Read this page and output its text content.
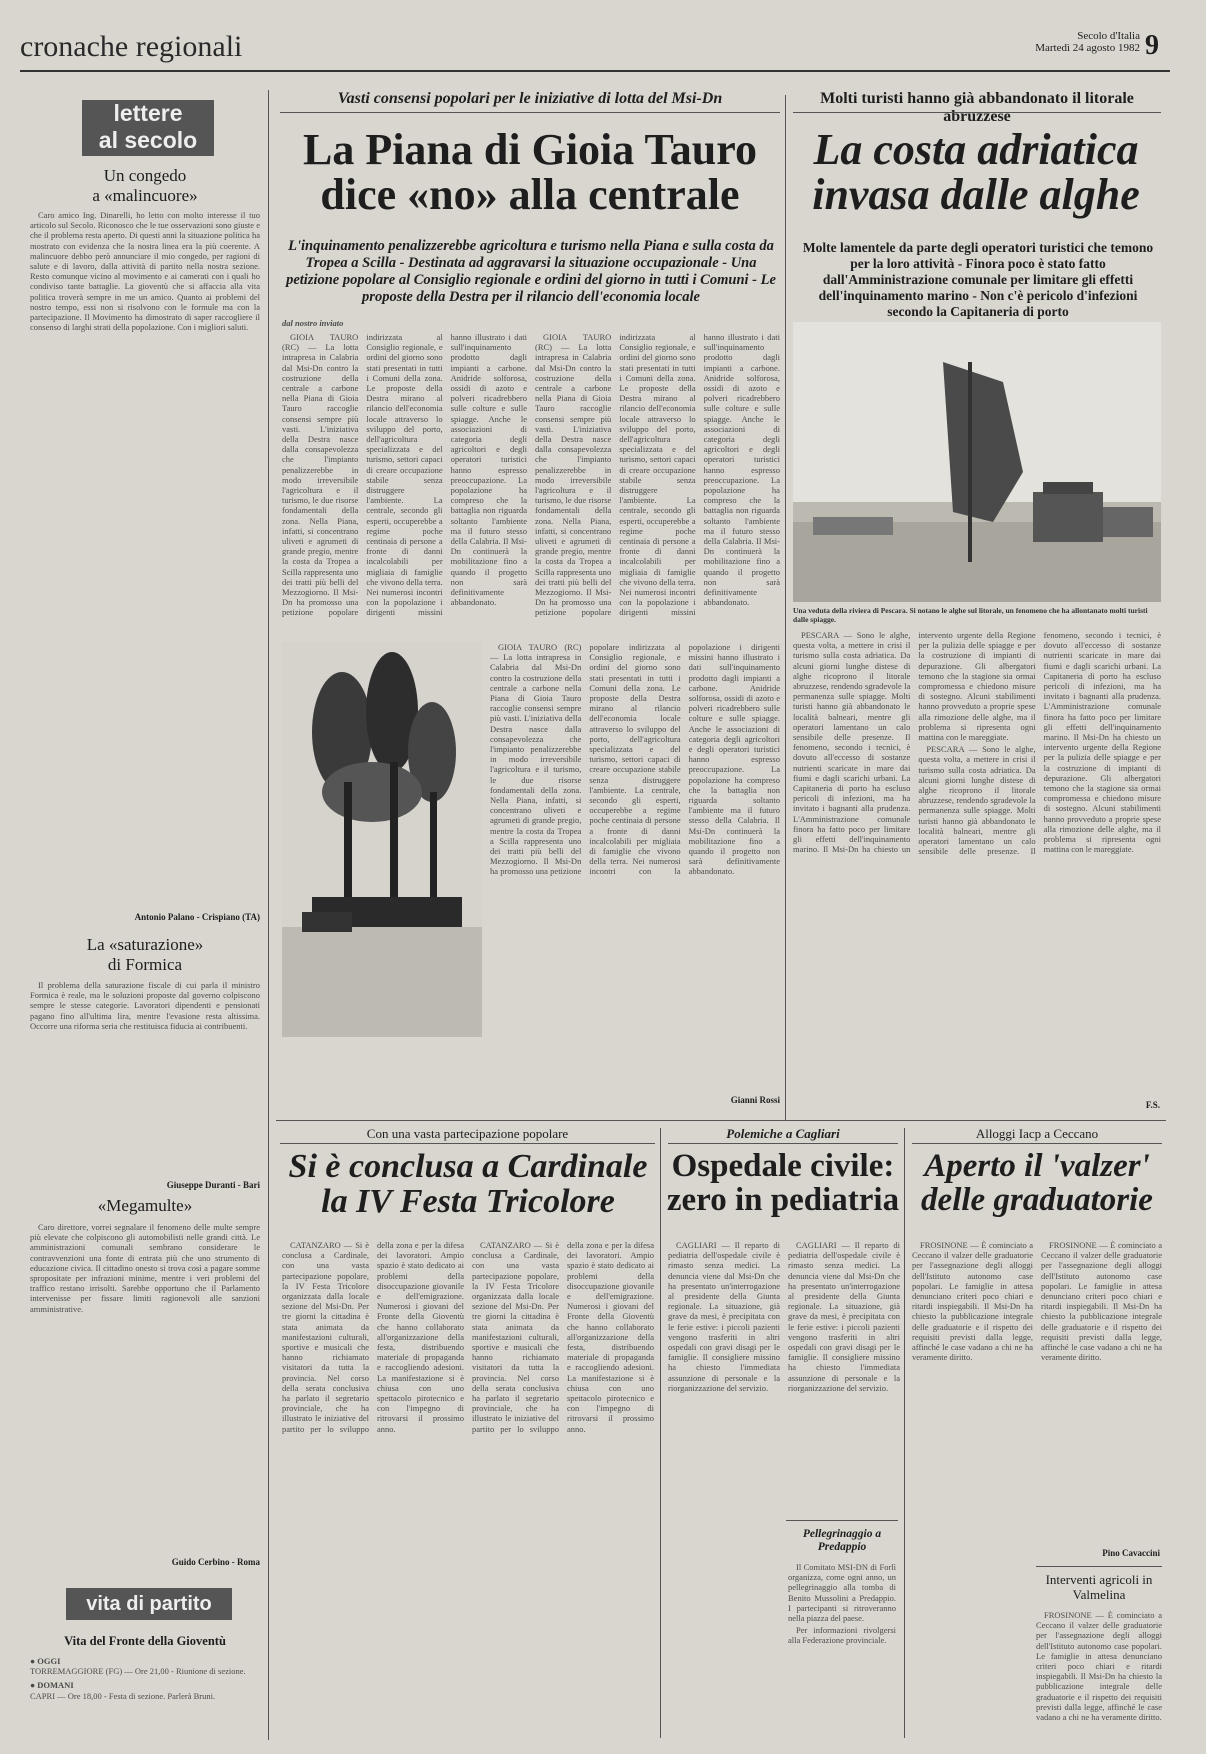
cronache regionali	Secolo d'Italia
Martedì 24 agosto 1982 9
lettere
al secolo
Un congedo
a «malincuore»

Caro amico Ing. Dinarelli, ho letto con molto interesse il tuo articolo sul Secolo. Riconosco che le tue osservazioni sono giuste e che il problema resta aperto. Di questi anni la situazione politica ha mostrato con evidenza che la nostra linea era la più coerente. A malincuore debbo però annunciare il mio congedo, per ragioni di salute e di lavoro, dalla attività di partito nella nostra sezione. Resto comunque vicino al movimento e ai camerati con i quali ho condiviso tante battaglie. La gioventù che si affaccia alla vita politica troverà sempre in me un amico. Quanto ai problemi del nostro tempo, essi non si risolvono con le formule ma con la partecipazione. Il Movimento ha dimostrato di saper raccogliere il consenso di larghi strati della popolazione. Con i migliori saluti.

Antonio Palano - Crispiano (TA)
La «saturazione»
di Formica

Il problema della saturazione fiscale di cui parla il ministro Formica è reale, ma le soluzioni proposte dal governo colpiscono sempre le stesse categorie. Lavoratori dipendenti e pensionati pagano fino all'ultima lira, mentre l'evasione resta altissima. Occorre una riforma seria che restituisca fiducia ai contribuenti.

Giuseppe Duranti - Bari
«Megamulte»

Caro direttore, vorrei segnalare il fenomeno delle multe sempre più elevate che colpiscono gli automobilisti nelle grandi città. Le amministrazioni comunali sembrano considerare le contravvenzioni una fonte di entrata più che uno strumento di educazione civica. Il cittadino onesto si trova così a pagare somme spropositate per infrazioni minime, mentre i veri problemi del traffico restano irrisolti. Sarebbe opportuno che il Parlamento intervenisse per fissare limiti ragionevoli alle sanzioni amministrative.

Guido Cerbino - Roma
vita di partito
Vita del Fronte della Gioventù
● OGGI
TORREMAGGIORE (FG) — Ore 21,00 - Riunione di sezione.
● DOMANI
CAPRI — Ore 18,00 - Festa di sezione. Parlerà Bruni.
Vasti consensi popolari per le iniziative di lotta del Msi-Dn
La Piana di Gioia Tauro
dice «no» alla centrale
L'inquinamento penalizzerebbe agricoltura e turismo nella Piana e sulla costa da Tropea a Scilla - Destinata ad aggravarsi la situazione occupazionale - Una petizione popolare al Consiglio regionale e ordini del giorno in tutti i Comuni - Le proposte della Destra per il rilancio dell'economia locale
dal nostro inviato

GIOIA TAURO (RC) — La lotta intrapresa in Calabria dal Msi-Dn contro la costruzione della centrale a carbone nella Piana di Gioia Tauro raccoglie consensi sempre più vasti. L'iniziativa della Destra nasce dalla consapevolezza che l'impianto penalizzerebbe in modo irreversibile l'agricoltura e il turismo, le due risorse fondamentali della zona. Nella Piana, infatti, si concentrano uliveti e agrumeti di grande pregio, mentre la costa da Tropea a Scilla rappresenta uno dei tratti più belli del Mezzogiorno. Il Msi-Dn ha promosso una petizione popolare indirizzata al Consiglio regionale, e ordini del giorno sono stati presentati in tutti i Comuni della zona. Le proposte della Destra mirano al rilancio dell'economia locale attraverso lo sviluppo del porto, dell'agricoltura specializzata e del turismo, settori capaci di creare occupazione stabile senza distruggere l'ambiente. La centrale, secondo gli esperti, occuperebbe a regime poche centinaia di persone a fronte di danni incalcolabili per migliaia di famiglie che vivono della terra. Nei numerosi incontri con la popolazione i dirigenti missini hanno illustrato i dati sull'inquinamento prodotto dagli impianti a carbone. Anidride solforosa, ossidi di azoto e polveri ricadrebbero sulle colture e sulle spiagge. Anche le associazioni di categoria degli agricoltori e degli operatori turistici hanno espresso preoccupazione. La popolazione ha compreso che la battaglia non riguarda soltanto l'ambiente ma il futuro stesso della Calabria. Il Msi-Dn continuerà la mobilitazione fino a quando il progetto non sarà definitivamente abbandonato.

GIOIA TAURO (RC) — La lotta intrapresa in Calabria dal Msi-Dn contro la costruzione della centrale a carbone nella Piana di Gioia Tauro raccoglie consensi sempre più vasti. L'iniziativa della Destra nasce dalla consapevolezza che l'impianto penalizzerebbe in modo irreversibile l'agricoltura e il turismo, le due risorse fondamentali della zona. Nella Piana, infatti, si concentrano uliveti e agrumeti di grande pregio, mentre la costa da Tropea a Scilla rappresenta uno dei tratti più belli del Mezzogiorno. Il Msi-Dn ha promosso una petizione popolare indirizzata al Consiglio regionale, e ordini del giorno sono stati presentati in tutti i Comuni della zona. Le proposte della Destra mirano al rilancio dell'economia locale attraverso lo sviluppo del porto, dell'agricoltura specializzata e del turismo, settori capaci di creare occupazione stabile senza distruggere l'ambiente. La centrale, secondo gli esperti, occuperebbe a regime poche centinaia di persone a fronte di danni incalcolabili per migliaia di famiglie che vivono della terra. Nei numerosi incontri con la popolazione i dirigenti missini hanno illustrato i dati sull'inquinamento prodotto dagli impianti a carbone. Anidride solforosa, ossidi di azoto e polveri ricadrebbero sulle colture e sulle spiagge. Anche le associazioni di categoria degli agricoltori e degli operatori turistici hanno espresso preoccupazione. La popolazione ha compreso che la battaglia non riguarda soltanto l'ambiente ma il futuro stesso della Calabria. Il Msi-Dn continuerà la mobilitazione fino a quando il progetto non sarà definitivamente abbandonato.

GIOIA TAURO (RC) — La lotta intrapresa in Calabria dal Msi-Dn contro la costruzione della centrale a carbone nella Piana di Gioia Tauro raccoglie consensi sempre più vasti. L'iniziativa della Destra nasce dalla consapevolezza che l'impianto penalizzerebbe in modo irreversibile l'agricoltura e il turismo, le due risorse fondamentali della zona. Nella Piana, infatti, si concentrano uliveti e agrumeti di grande pregio, mentre la costa da Tropea a Scilla rappresenta uno dei tratti più belli del Mezzogiorno. Il Msi-Dn ha promosso una petizione popolare indirizzata al Consiglio regionale, e ordini del giorno sono stati presentati in tutti i Comuni della zona. Le proposte della Destra mirano al rilancio dell'economia locale attraverso lo sviluppo del porto, dell'agricoltura specializzata e del turismo, settori capaci di creare occupazione stabile senza distruggere l'ambiente. La centrale, secondo gli esperti, occuperebbe a regime poche centinaia di persone a fronte di danni incalcolabili per migliaia di famiglie che vivono della terra. Nei numerosi incontri con la popolazione i dirigenti missini hanno illustrato i dati sull'inquinamento prodotto dagli impianti a carbone. Anidride solforosa, ossidi di azoto e polveri ricadrebbero sulle colture e sulle spiagge. Anche le associazioni di categoria degli agricoltori e degli operatori turistici hanno espresso preoccupazione. La popolazione ha compreso che la battaglia non riguarda soltanto l'ambiente ma il futuro stesso della Calabria. Il Msi-Dn continuerà la mobilitazione fino a quando il progetto non sarà definitivamente abbandonato.

Gianni Rossi
Molti turisti hanno già abbandonato il litorale abruzzese
La costa adriatica
invasa dalle alghe
Molte lamentele da parte degli operatori turistici che temono per la loro attività - Finora poco è stato fatto dall'Amministrazione comunale per limitare gli effetti dell'inquinamento marino - Non c'è pericolo d'infezioni secondo la Capitaneria di porto
Una veduta della riviera di Pescara. Si notano le alghe sul litorale, un fenomeno che ha allontanato molti turisti dalle spiagge.

PESCARA — Sono le alghe, questa volta, a mettere in crisi il turismo sulla costa adriatica. Da alcuni giorni lunghe distese di alghe ricoprono il litorale abruzzese, rendendo sgradevole la permanenza sulle spiagge. Molti turisti hanno già abbandonato le località balneari, mentre gli operatori lamentano un calo sensibile delle presenze. Il fenomeno, secondo i tecnici, è dovuto all'eccesso di sostanze nutrienti scaricate in mare dai fiumi e dagli scarichi urbani. La Capitaneria di porto ha escluso pericoli di infezioni, ma ha invitato i bagnanti alla prudenza. L'Amministrazione comunale finora ha fatto poco per limitare gli effetti dell'inquinamento marino. Il Msi-Dn ha chiesto un intervento urgente della Regione per la pulizia delle spiagge e per la costruzione di impianti di depurazione. Gli albergatori temono che la stagione sia ormai compromessa e chiedono misure di sostegno. Alcuni stabilimenti hanno provveduto a proprie spese alla rimozione delle alghe, ma il problema si ripresenta ogni mattina con le mareggiate.

PESCARA — Sono le alghe, questa volta, a mettere in crisi il turismo sulla costa adriatica. Da alcuni giorni lunghe distese di alghe ricoprono il litorale abruzzese, rendendo sgradevole la permanenza sulle spiagge. Molti turisti hanno già abbandonato le località balneari, mentre gli operatori lamentano un calo sensibile delle presenze. Il fenomeno, secondo i tecnici, è dovuto all'eccesso di sostanze nutrienti scaricate in mare dai fiumi e dagli scarichi urbani. La Capitaneria di porto ha escluso pericoli di infezioni, ma ha invitato i bagnanti alla prudenza. L'Amministrazione comunale finora ha fatto poco per limitare gli effetti dell'inquinamento marino. Il Msi-Dn ha chiesto un intervento urgente della Regione per la pulizia delle spiagge e per la costruzione di impianti di depurazione. Gli albergatori temono che la stagione sia ormai compromessa e chiedono misure di sostegno. Alcuni stabilimenti hanno provveduto a proprie spese alla rimozione delle alghe, ma il problema si ripresenta ogni mattina con le mareggiate.

F.S.
Con una vasta partecipazione popolare
Si è conclusa a Cardinale
la IV Festa Tricolore

CATANZARO — Si è conclusa a Cardinale, con una vasta partecipazione popolare, la IV Festa Tricolore organizzata dalla locale sezione del Msi-Dn. Per tre giorni la cittadina è stata animata da manifestazioni culturali, sportive e musicali che hanno richiamato visitatori da tutta la provincia. Nel corso della serata conclusiva ha parlato il segretario provinciale, che ha illustrato le iniziative del partito per lo sviluppo della zona e per la difesa dei lavoratori. Ampio spazio è stato dedicato ai problemi della disoccupazione giovanile e dell'emigrazione. Numerosi i giovani del Fronte della Gioventù che hanno collaborato all'organizzazione della festa, distribuendo materiale di propaganda e raccogliendo adesioni. La manifestazione si è chiusa con uno spettacolo pirotecnico e con l'impegno di ritrovarsi il prossimo anno.

CATANZARO — Si è conclusa a Cardinale, con una vasta partecipazione popolare, la IV Festa Tricolore organizzata dalla locale sezione del Msi-Dn. Per tre giorni la cittadina è stata animata da manifestazioni culturali, sportive e musicali che hanno richiamato visitatori da tutta la provincia. Nel corso della serata conclusiva ha parlato il segretario provinciale, che ha illustrato le iniziative del partito per lo sviluppo della zona e per la difesa dei lavoratori. Ampio spazio è stato dedicato ai problemi della disoccupazione giovanile e dell'emigrazione. Numerosi i giovani del Fronte della Gioventù che hanno collaborato all'organizzazione della festa, distribuendo materiale di propaganda e raccogliendo adesioni. La manifestazione si è chiusa con uno spettacolo pirotecnico e con l'impegno di ritrovarsi il prossimo anno.

Polemiche a Cagliari
Ospedale civile:
zero in pediatria

CAGLIARI — Il reparto di pediatria dell'ospedale civile è rimasto senza medici. La denuncia viene dal Msi-Dn che ha presentato un'interrogazione al presidente della Giunta regionale. La situazione, già grave da mesi, è precipitata con le ferie estive: i piccoli pazienti vengono trasferiti in altri ospedali con gravi disagi per le famiglie. Il consigliere missino ha chiesto l'immediata assunzione di personale e la riorganizzazione del servizio.

CAGLIARI — Il reparto di pediatria dell'ospedale civile è rimasto senza medici. La denuncia viene dal Msi-Dn che ha presentato un'interrogazione al presidente della Giunta regionale. La situazione, già grave da mesi, è precipitata con le ferie estive: i piccoli pazienti vengono trasferiti in altri ospedali con gravi disagi per le famiglie. Il consigliere missino ha chiesto l'immediata assunzione di personale e la riorganizzazione del servizio.

Pellegrinaggio a Predappio

Il Comitato MSI-DN di Forlì organizza, come ogni anno, un pellegrinaggio alla tomba di Benito Mussolini a Predappio. I partecipanti si ritroveranno nella piazza del paese.

Per informazioni rivolgersi alla Federazione provinciale.

Alloggi Iacp a Ceccano
Aperto il 'valzer'
delle graduatorie

FROSINONE — È cominciato a Ceccano il valzer delle graduatorie per l'assegnazione degli alloggi dell'Istituto autonomo case popolari. Le famiglie in attesa denunciano criteri poco chiari e ritardi inspiegabili. Il Msi-Dn ha chiesto la pubblicazione integrale delle graduatorie e il rispetto dei requisiti previsti dalla legge, affinché le case vadano a chi ne ha veramente diritto.

FROSINONE — È cominciato a Ceccano il valzer delle graduatorie per l'assegnazione degli alloggi dell'Istituto autonomo case popolari. Le famiglie in attesa denunciano criteri poco chiari e ritardi inspiegabili. Il Msi-Dn ha chiesto la pubblicazione integrale delle graduatorie e il rispetto dei requisiti previsti dalla legge, affinché le case vadano a chi ne ha veramente diritto.

Pino Cavaccini
Interventi agricoli in Valmelina

FROSINONE — È cominciato a Ceccano il valzer delle graduatorie per l'assegnazione degli alloggi dell'Istituto autonomo case popolari. Le famiglie in attesa denunciano criteri poco chiari e ritardi inspiegabili. Il Msi-Dn ha chiesto la pubblicazione integrale delle graduatorie e il rispetto dei requisiti previsti dalla legge, affinché le case vadano a chi ne ha veramente diritto.
